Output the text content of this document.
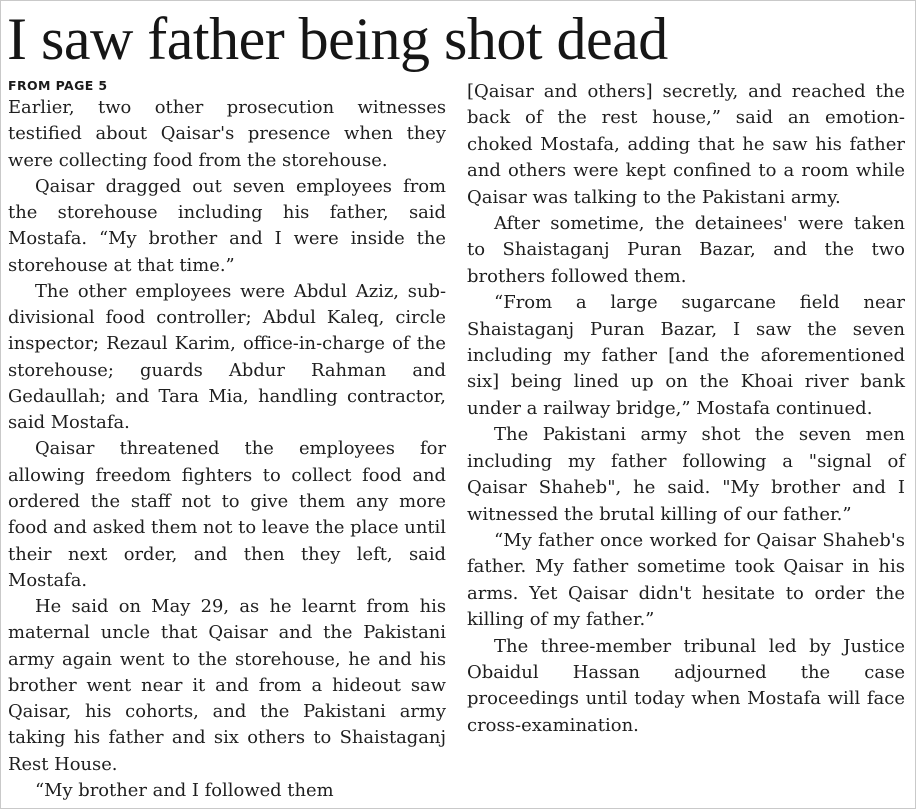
I saw father being shot dead
FROM PAGE 5

Earlier, two other prosecution witnesses testified about Qaisar's presence when they were collecting food from the storehouse.

Qaisar dragged out seven employees from the storehouse including his father, said Mostafa. “My brother and I were inside the storehouse at that time.”

The other employees were Abdul Aziz, sub-divisional food controller; Abdul Kaleq, circle inspector; Rezaul Karim, office-in-charge of the storehouse; guards Abdur Rahman and Gedaullah; and Tara Mia, handling contractor, said Mostafa.

Qaisar threatened the employees for allowing freedom fighters to collect food and ordered the staff not to give them any more food and asked them not to leave the place until their next order, and then they left, said Mostafa.

He said on May 29, as he learnt from his maternal uncle that Qaisar and the Pakistani army again went to the storehouse, he and his brother went near it and from a hideout saw Qaisar, his cohorts, and the Pakistani army taking his father and six others to Shaistaganj Rest House.

“My brother and I followed them

[Qaisar and others] secretly, and reached the back of the rest house,” said an emotion-choked Mostafa, adding that he saw his father and others were kept confined to a room while Qaisar was talking to the Pakistani army.

After sometime, the detainees' were taken to Shaistaganj Puran Bazar, and the two brothers followed them.

“From a large sugarcane field near Shaistaganj Puran Bazar, I saw the seven including my father [and the aforementioned six] being lined up on the Khoai river bank under a railway bridge,” Mostafa continued.

The Pakistani army shot the seven men including my father following a "signal of Qaisar Shaheb", he said. "My brother and I witnessed the brutal killing of our father.”

“My father once worked for Qaisar Shaheb's father. My father sometime took Qaisar in his arms. Yet Qaisar didn't hesitate to order the killing of my father.”

The three-member tribunal led by Justice Obaidul Hassan adjourned the case proceedings until today when Mostafa will face cross-examination.
